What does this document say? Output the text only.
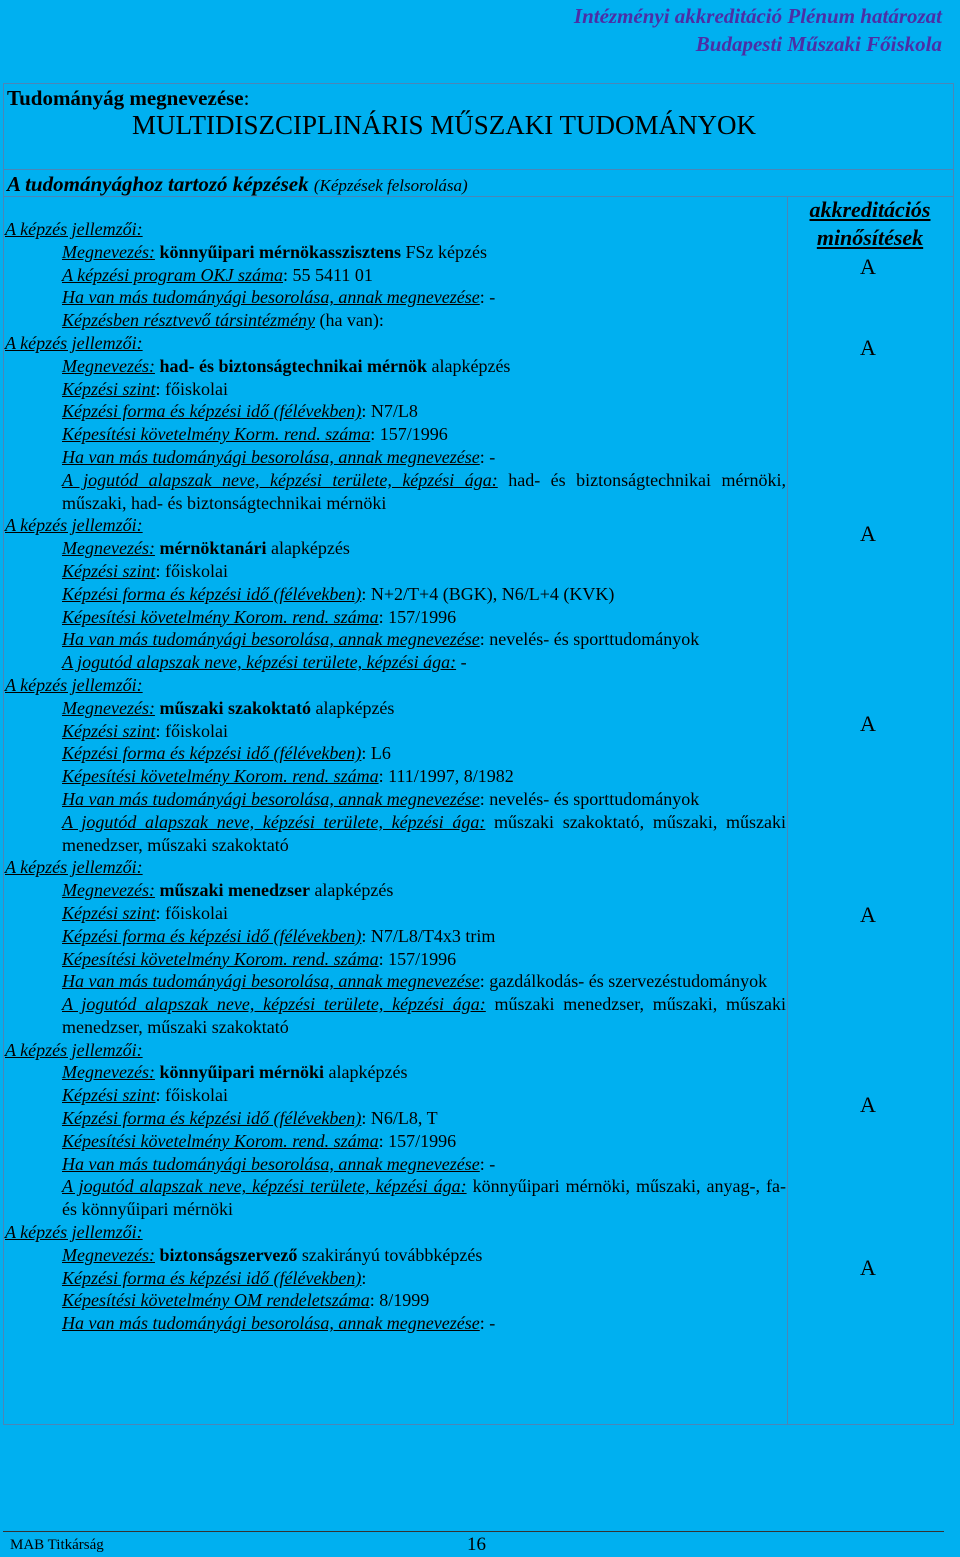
Intézményi akkreditáció Plénum határozat
Budapesti Műszaki Főiskola
Tudományág megnevezése:
MULTIDISZCIPLINÁRIS MŰSZAKI TUDOMÁNYOK
A tudományághoz tartozó képzések (Képzések felsorolása)
akkreditációs
minősítések
A képzés jellemzői:
Megnevezés: könnyűipari mérnökasszisztens FSz képzés
A képzési program OKJ száma: 55 5411 01
Ha van más tudományági besorolása, annak megnevezése: -
Képzésben résztvevő társintézmény (ha van):
A képzés jellemzői:
Megnevezés: had- és biztonságtechnikai mérnök alapképzés
Képzési szint: főiskolai
Képzési forma és képzési idő (félévekben): N7/L8
Képesítési követelmény Korm. rend. száma: 157/1996
Ha van más tudományági besorolása, annak megnevezése: -
A jogutód alapszak neve, képzési területe, képzési ága: had- és biztonságtechnikai mérnöki, műszaki, had- és biztonságtechnikai mérnöki
A képzés jellemzői:
Megnevezés: mérnöktanári alapképzés
Képzési szint: főiskolai
Képzési forma és képzési idő (félévekben): N+2/T+4 (BGK), N6/L+4 (KVK)
Képesítési követelmény Korom. rend. száma: 157/1996
Ha van más tudományági besorolása, annak megnevezése: nevelés- és sporttudományok
A jogutód alapszak neve, képzési területe, képzési ága: -
A képzés jellemzői:
Megnevezés: műszaki szakoktató alapképzés
Képzési szint: főiskolai
Képzési forma és képzési idő (félévekben): L6
Képesítési követelmény Korom. rend. száma: 111/1997, 8/1982
Ha van más tudományági besorolása, annak megnevezése: nevelés- és sporttudományok
A jogutód alapszak neve, képzési területe, képzési ága: műszaki szakoktató, műszaki, műszaki menedzser, műszaki szakoktató
A képzés jellemzői:
Megnevezés: műszaki menedzser alapképzés
Képzési szint: főiskolai
Képzési forma és képzési idő (félévekben): N7/L8/T4x3 trim
Képesítési követelmény Korom. rend. száma: 157/1996
Ha van más tudományági besorolása, annak megnevezése: gazdálkodás- és szervezéstudományok
A jogutód alapszak neve, képzési területe, képzési ága: műszaki menedzser, műszaki, műszaki menedzser, műszaki szakoktató
A képzés jellemzői:
Megnevezés: könnyűipari mérnöki alapképzés
Képzési szint: főiskolai
Képzési forma és képzési idő (félévekben): N6/L8, T
Képesítési követelmény Korom. rend. száma: 157/1996
Ha van más tudományági besorolása, annak megnevezése: -
A jogutód alapszak neve, képzési területe, képzési ága: könnyűipari mérnöki, műszaki, anyag-, fa- és könnyűipari mérnöki
A képzés jellemzői:
Megnevezés: biztonságszervező szakirányú továbbképzés
Képzési forma és képzési idő (félévekben):
Képesítési követelmény OM rendeletszáma: 8/1999
Ha van más tudományági besorolása, annak megnevezése: -
A
A
A
A
A
A
A
MAB Titkárság	16
